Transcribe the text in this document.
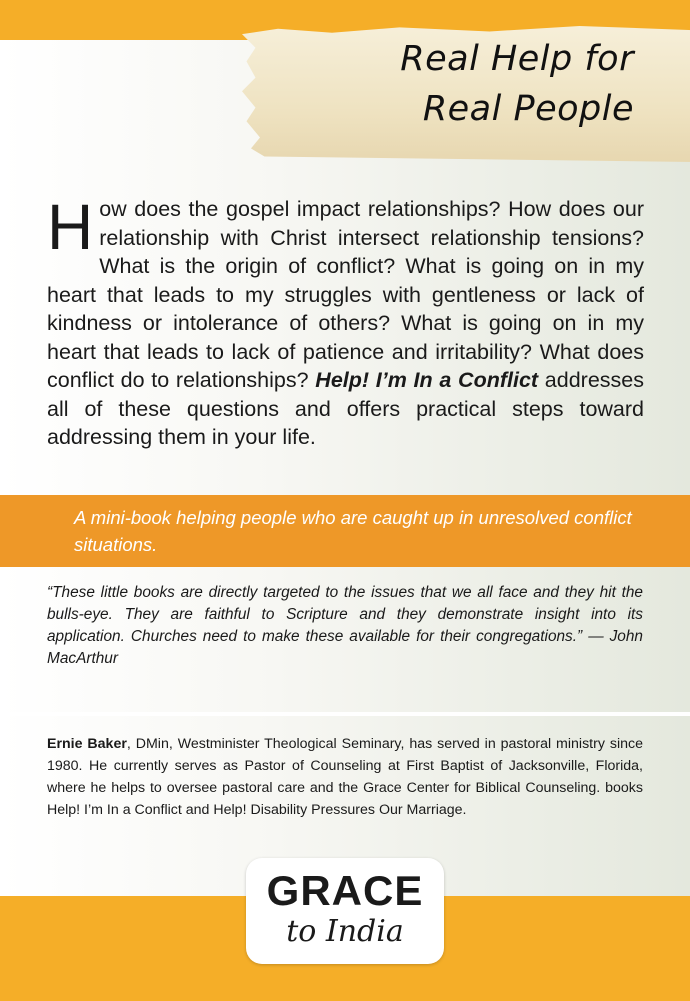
Real Help for
Real People
How does the gospel impact relationships? How does our relationship with Christ intersect relationship tensions? What is the origin of conflict? What is going on in my heart that leads to my struggles with gentleness or lack of kindness or intolerance of others? What is going on in my heart that leads to lack of patience and irritability? What does conflict do to relationships? Help! I’m In a Conflict addresses all of these questions and offers practical steps toward addressing them in your life.

A mini-book helping people who are caught up in unresolved conflict situations.

“These little books are directly targeted to the issues that we all face and they hit the bulls-eye. They are faithful to Scripture and they demonstrate insight into its application. Churches need to make these available for their congregations.” — John MacArthur

Ernie Baker, DMin, Westminister Theological Seminary, has served in pastoral ministry since 1980. He currently serves as Pastor of Counseling at First Baptist of Jacksonville, Florida, where he helps to oversee pastoral care and the Grace Center for Biblical Counseling. books Help! I’m In a Conflict and Help! Disability Pressures Our Marriage.

GRACE
to India
